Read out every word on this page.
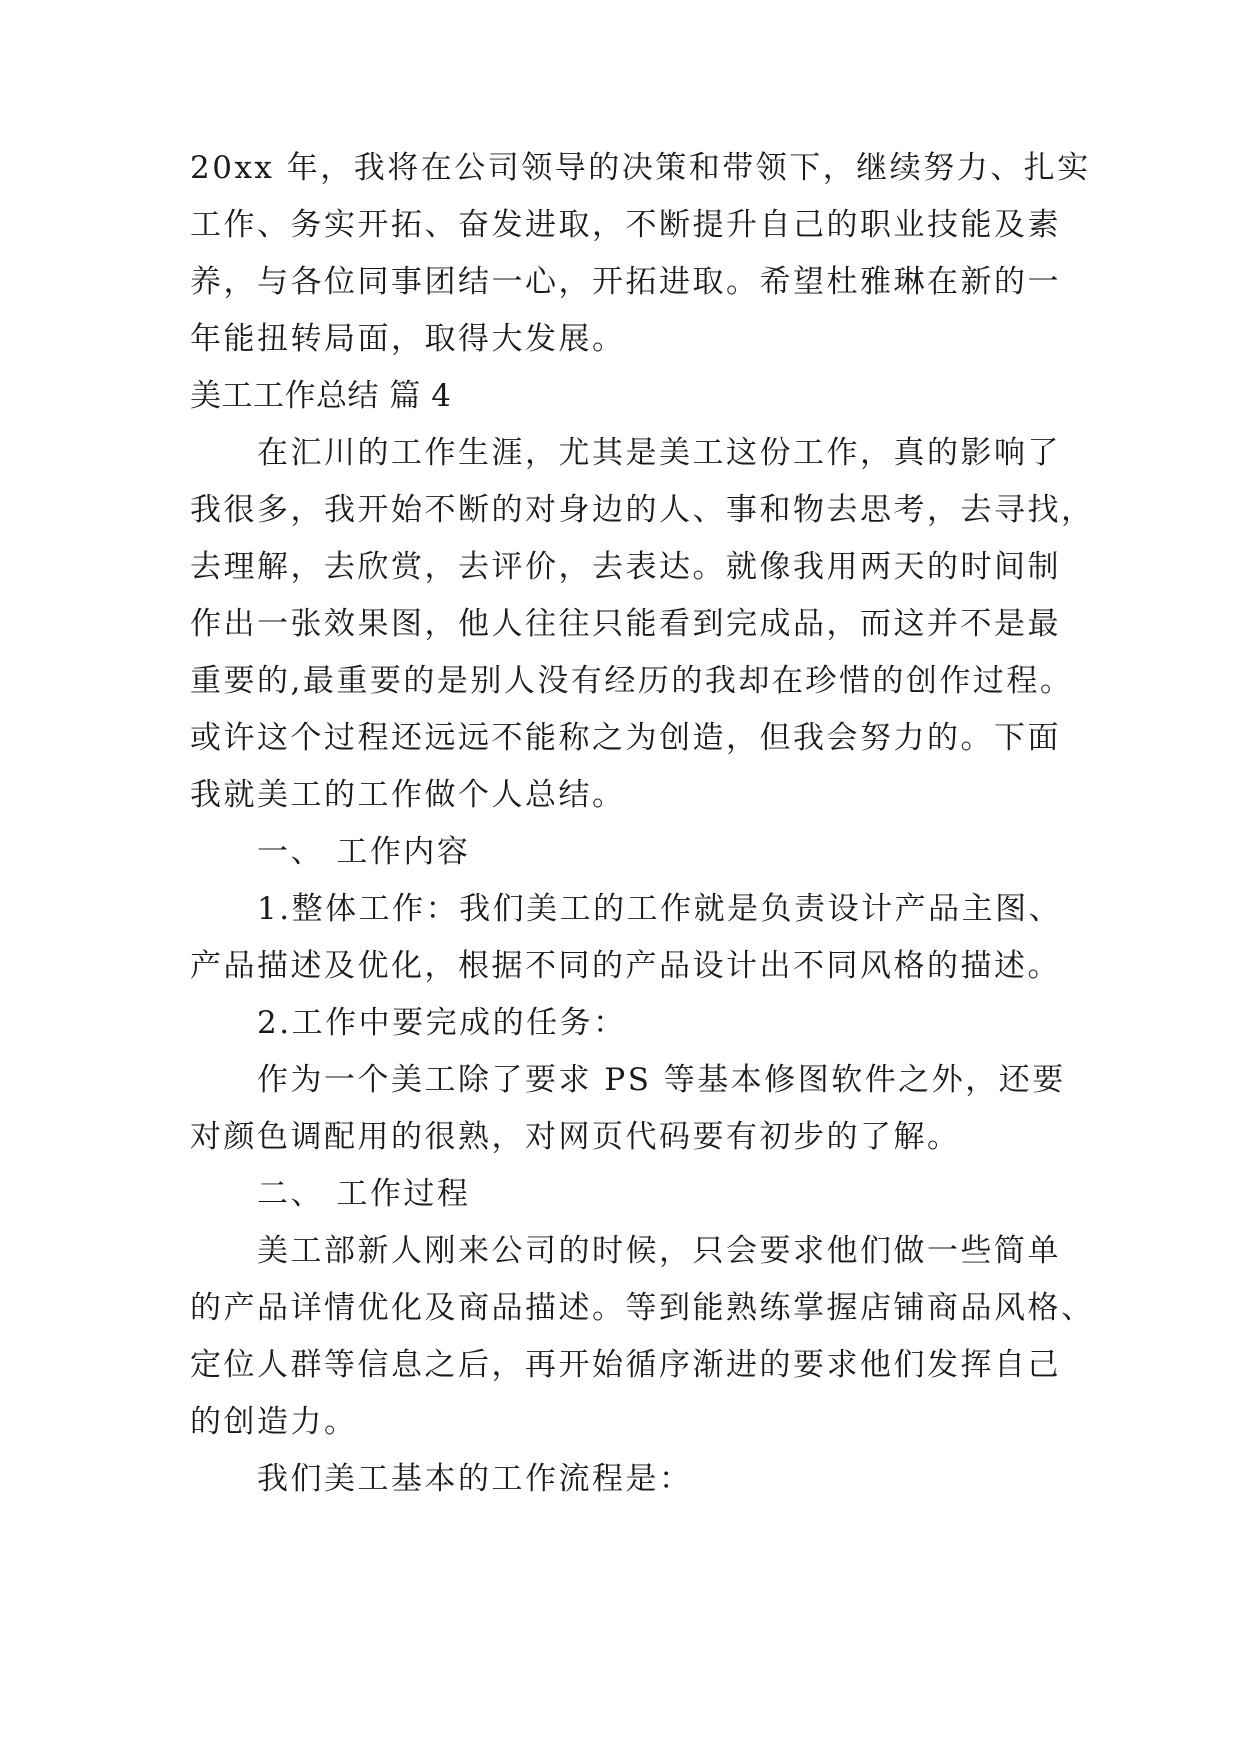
20xx 年，我将在公司领导的决策和带领下，继续努力、扎实
工作、务实开拓、奋发进取，不断提升自己的职业技能及素
养，与各位同事团结一心，开拓进取。希望杜雅琳在新的一
年能扭转局面，取得大发展。
美工工作总结 篇 4
在汇川的工作生涯，尤其是美工这份工作，真的影响了
我很多，我开始不断的对身边的人、事和物去思考，去寻找，
去理解，去欣赏，去评价，去表达。就像我用两天的时间制
作出一张效果图，他人往往只能看到完成品，而这并不是最
重要的,最重要的是别人没有经历的我却在珍惜的创作过程。
或许这个过程还远远不能称之为创造，但我会努力的。下面
我就美工的工作做个人总结。
一、 工作内容
1.整体工作：我们美工的工作就是负责设计产品主图、
产品描述及优化，根据不同的产品设计出不同风格的描述。
2.工作中要完成的任务：
作为一个美工除了要求 PS 等基本修图软件之外，还要
对颜色调配用的很熟，对网页代码要有初步的了解。
二、 工作过程
美工部新人刚来公司的时候，只会要求他们做一些简单
的产品详情优化及商品描述。等到能熟练掌握店铺商品风格、
定位人群等信息之后，再开始循序渐进的要求他们发挥自己
的创造力。
我们美工基本的工作流程是：
